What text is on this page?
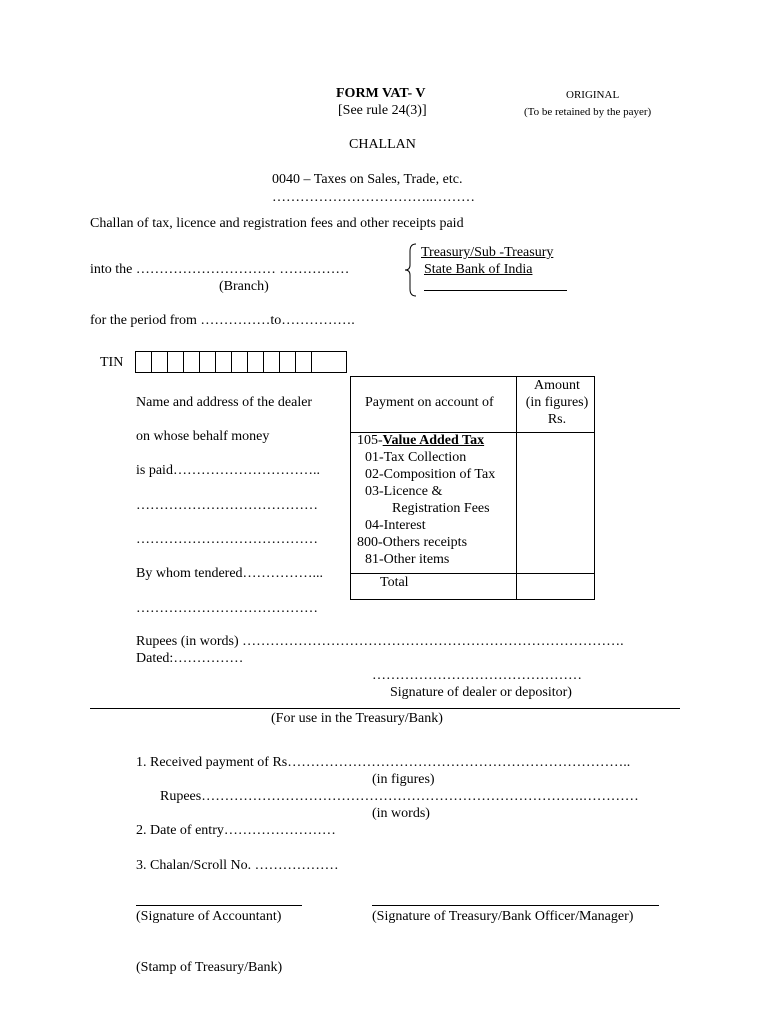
FORM VAT- V
[See rule 24(3)]
ORIGINAL
(To be retained by the payer)
CHALLAN
0040 – Taxes on Sales, Trade, etc.
……………………………..………
Challan of tax, licence and registration fees and other receipts paid
into the ………………………… ……………
(Branch)
Treasury/Sub -Treasury
State Bank of India
for the period from ……………to…………….
TIN
Name and address of the dealer
on whose behalf money
is paid…………………………..
…………………………………
…………………………………
By whom tendered……………...
…………………………………
Payment on account of
Amount
(in figures)
Rs.
105-Value Added Tax
01-Tax Collection
02-Composition of Tax
03-Licence &
Registration Fees
04-Interest
800-Others receipts
81-Other items
Total
Rupees (in words) ……………………………………………………………………….
Dated:……………
………………………………………
Signature of dealer or depositor)
(For use in the Treasury/Bank)
1. Received payment of Rs………………………………………………………………..
(in figures)
Rupees……………………………………………………………………….…………
(in words)
2. Date of entry……………………
3. Chalan/Scroll No. ………………
(Signature of Accountant)	(Signature of Treasury/Bank Officer/Manager)
(Stamp of Treasury/Bank)
